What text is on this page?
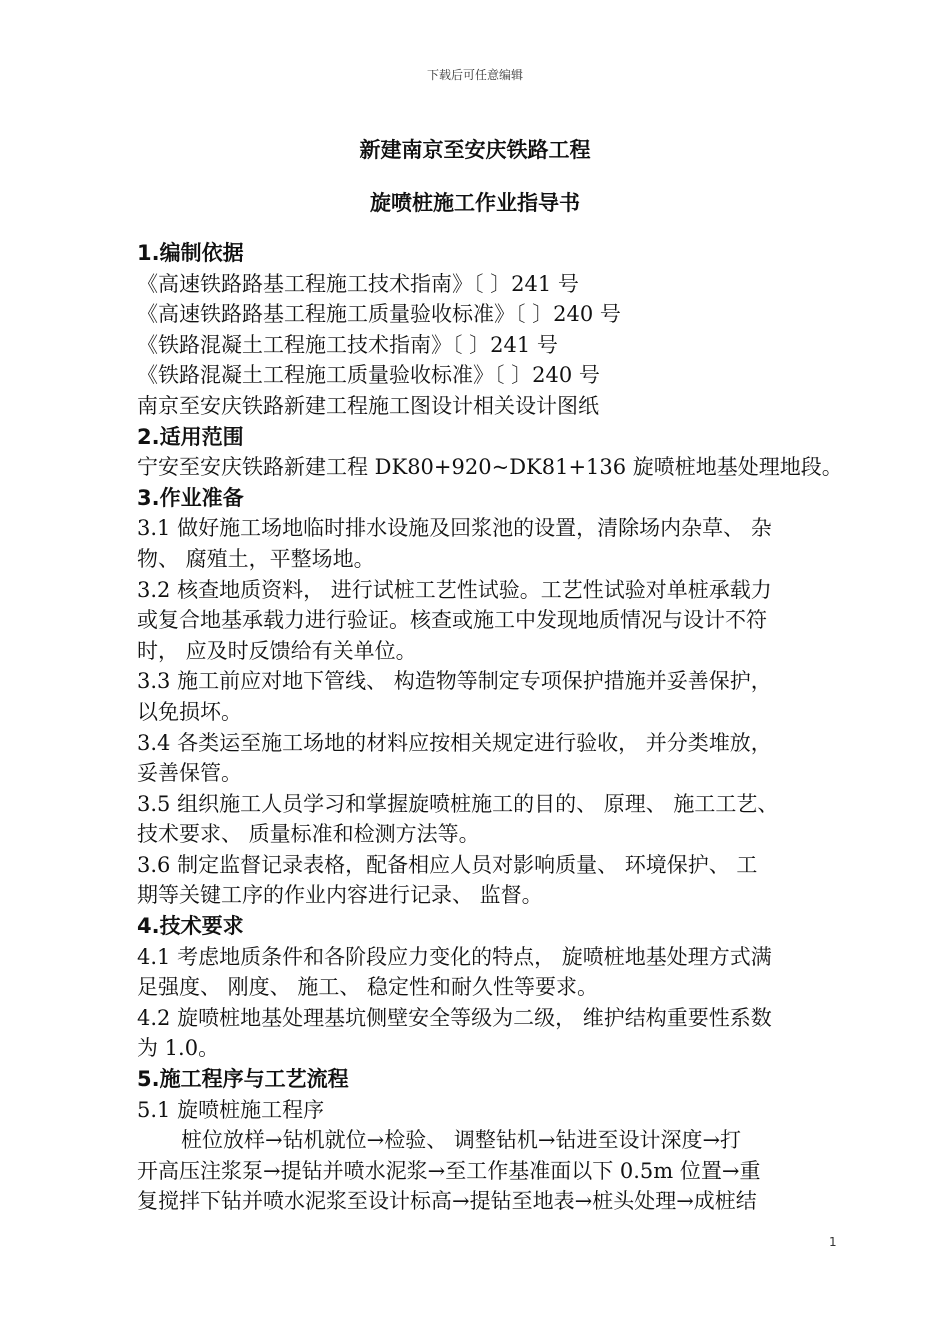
下载后可任意编辑
新建南京至安庆铁路工程
旋喷桩施工作业指导书
1.编制依据
《高速铁路路基工程施工技术指南》〔 〕241 号
《高速铁路路基工程施工质量验收标准》〔 〕240 号
《铁路混凝土工程施工技术指南》〔 〕241 号
《铁路混凝土工程施工质量验收标准》〔 〕240 号
南京至安庆铁路新建工程施工图设计相关设计图纸
2.适用范围
宁安至安庆铁路新建工程 DK80+920~DK81+136 旋喷桩地基处理地段。
3.作业准备
3.1 做好施工场地临时排水设施及回浆池的设置，清除场内杂草、 杂
物、 腐殖土，平整场地。
3.2 核查地质资料， 进行试桩工艺性试验。工艺性试验对单桩承载力
或复合地基承载力进行验证。核查或施工中发现地质情况与设计不符
时， 应及时反馈给有关单位。
3.3 施工前应对地下管线、 构造物等制定专项保护措施并妥善保护，
以免损坏。
3.4 各类运至施工场地的材料应按相关规定进行验收， 并分类堆放，
妥善保管。
3.5 组织施工人员学习和掌握旋喷桩施工的目的、 原理、 施工工艺、
技术要求、 质量标准和检测方法等。
3.6 制定监督记录表格，配备相应人员对影响质量、 环境保护、 工
期等关键工序的作业内容进行记录、 监督。
4.技术要求
4.1 考虑地质条件和各阶段应力变化的特点， 旋喷桩地基处理方式满
足强度、 刚度、 施工、 稳定性和耐久性等要求。
4.2 旋喷桩地基处理基坑侧壁安全等级为二级， 维护结构重要性系数
为 1.0。
5.施工程序与工艺流程
5.1 旋喷桩施工程序
桩位放样→钻机就位→检验、 调整钻机→钻进至设计深度→打
开高压注浆泵→提钻并喷水泥浆→至工作基准面以下 0.5m 位置→重
复搅拌下钻并喷水泥浆至设计标高→提钻至地表→桩头处理→成桩结
1
